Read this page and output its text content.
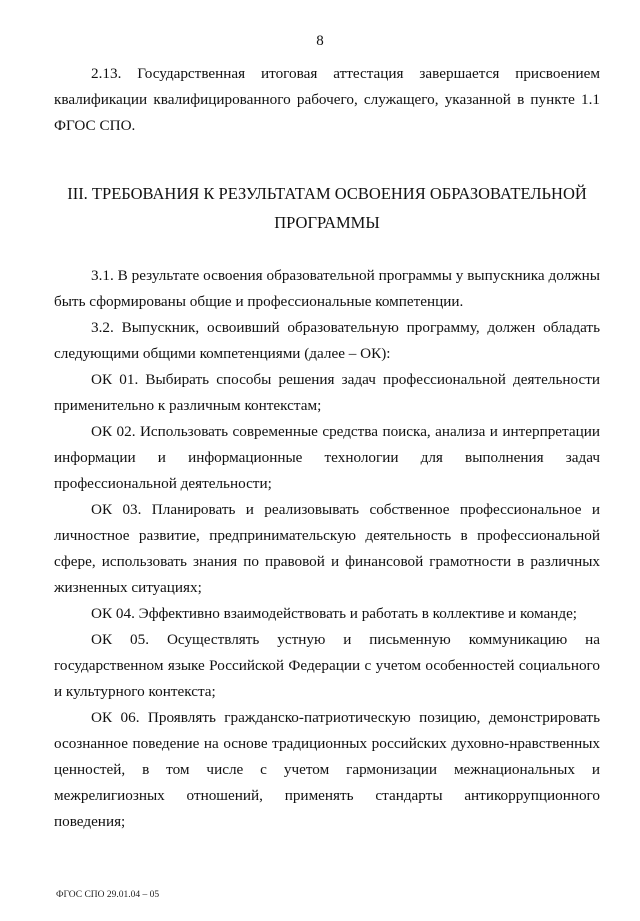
8

2.13. Государственная итоговая аттестация завершается присвоением квалификации квалифицированного рабочего, служащего, указанной в пункте 1.1 ФГОС СПО.

III. ТРЕБОВАНИЯ К РЕЗУЛЬТАТАМ ОСВОЕНИЯ ОБРАЗОВАТЕЛЬНОЙ ПРОГРАММЫ

3.1. В результате освоения образовательной программы у выпускника должны быть сформированы общие и профессиональные компетенции.

3.2. Выпускник, освоивший образовательную программу, должен обладать следующими общими компетенциями (далее – ОК):

ОК 01. Выбирать способы решения задач профессиональной деятельности применительно к различным контекстам;

ОК 02. Использовать современные средства поиска, анализа и интерпретации информации и информационные технологии для выполнения задач профессиональной деятельности;

ОК 03. Планировать и реализовывать собственное профессиональное и личностное развитие, предпринимательскую деятельность в профессиональной сфере, использовать знания по правовой и финансовой грамотности в различных жизненных ситуациях;

ОК 04. Эффективно взаимодействовать и работать в коллективе и команде;

ОК 05. Осуществлять устную и письменную коммуникацию на государственном языке Российской Федерации с учетом особенностей социального и культурного контекста;

ОК 06. Проявлять гражданско-патриотическую позицию, демонстрировать осознанное поведение на основе традиционных российских духовно-нравственных ценностей, в том числе с учетом гармонизации межнациональных и межрелигиозных отношений, применять стандарты антикоррупционного поведения;

ФГОС СПО 29.01.04 – 05
